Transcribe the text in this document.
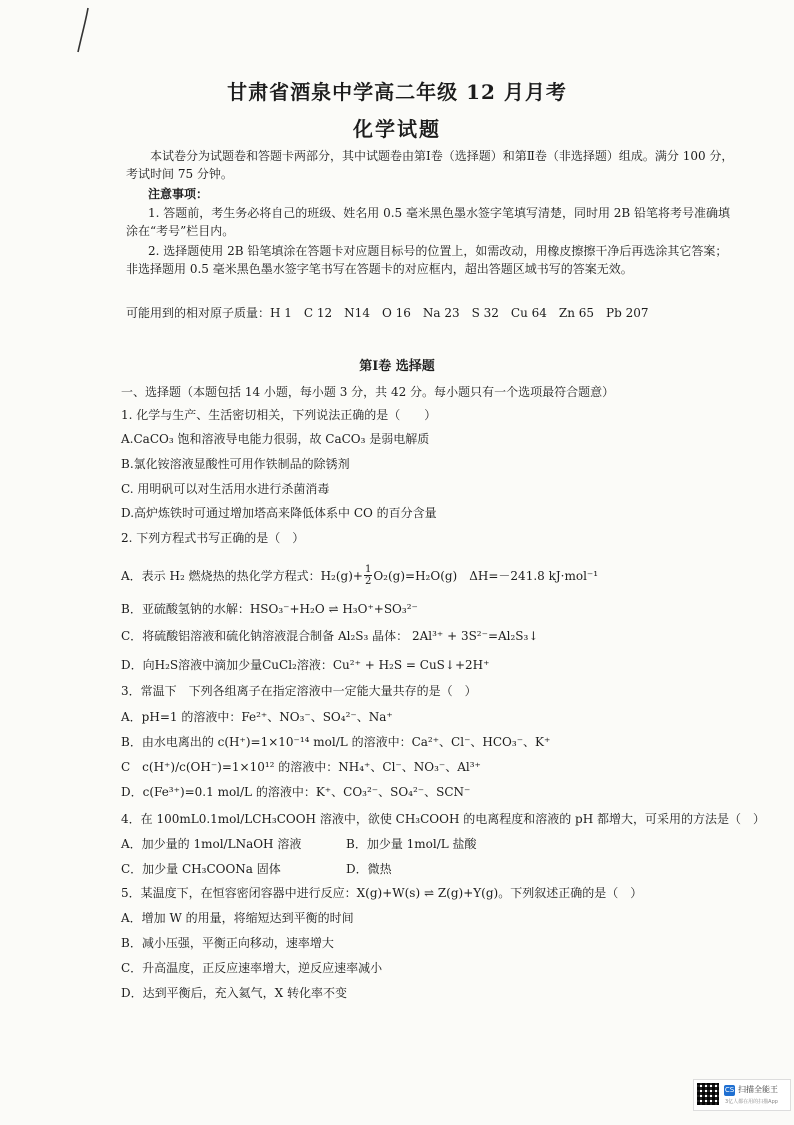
甘肃省酒泉中学高二年级 12 月月考
化学试题
本试卷分为试题卷和答题卡两部分，其中试题卷由第Ⅰ卷（选择题）和第Ⅱ卷（非选择题）组成。满分 100 分，考试时间 75 分钟。
注意事项：
1. 答题前，考生务必将自己的班级、姓名用 0.5 毫米黑色墨水签字笔填写清楚，同时用 2B 铅笔将考号准确填涂在“考号”栏目内。
2. 选择题使用 2B 铅笔填涂在答题卡对应题目标号的位置上，如需改动，用橡皮擦擦干净后再选涂其它答案；非选择题用 0.5 毫米黑色墨水签字笔书写在答题卡的对应框内，超出答题区域书写的答案无效。
可能用到的相对原子质量：H 1　C 12　N14　O 16　Na 23　S 32　Cu 64　Zn 65　Pb 207
第Ⅰ卷 选择题
一、选择题（本题包括 14 小题，每小题 3 分，共 42 分。每小题只有一个选项最符合题意）
1. 化学与生产、生活密切相关，下列说法正确的是（　　）
A.CaCO₃ 饱和溶液导电能力很弱，故 CaCO₃ 是弱电解质
B.氯化铵溶液显酸性可用作铁制品的除锈剂
C. 用明矾可以对生活用水进行杀菌消毒
D.高炉炼铁时可通过增加塔高来降低体系中 CO 的百分含量
2. 下列方程式书写正确的是（　）
A．表示 H₂ 燃烧热的热化学方程式：$H_2(g)+ \frac{1}{2} O_2(g)=H_2O(g)$　ΔH=－241.8 kJ·mol⁻¹
B．亚硫酸氢钠的水解：HSO₃⁻+H₂O ⇌ H₃O⁺+SO₃²⁻
C．将硫酸铝溶液和硫化钠溶液混合制备 Al₂S₃ 晶体： 2Al³⁺ + 3S²⁻=Al₂S₃↓
D．向H₂S溶液中滴加少量CuCl₂溶液：Cu²⁺ + H₂S = CuS↓+2H⁺
3．常温下　下列各组离子在指定溶液中一定能大量共存的是（　）
A．pH=1 的溶液中：Fe²⁺、NO₃⁻、SO₄²⁻、Na⁺
B．由水电离出的 c(H⁺)=1×10⁻¹⁴ mol/L 的溶液中：Ca²⁺、Cl⁻、HCO₃⁻、K⁺
C　c(H⁺)/c(OH⁻)=1×10¹² 的溶液中：NH₄⁺、Cl⁻、NO₃⁻、Al³⁺
D．c(Fe³⁺)=0.1 mol/L 的溶液中：K⁺、CO₃²⁻、SO₄²⁻、SCN⁻
4．在 100mL0.1mol/LCH₃COOH 溶液中，欲使 CH₃COOH 的电离程度和溶液的 pH 都增大，可采用的方法是（　）
A．加少量的 1mol/LNaOH 溶液	B．加少量 1mol/L 盐酸
C．加少量 CH₃COONa 固体	D．微热
5．某温度下，在恒容密闭容器中进行反应：X(g)+W(s) ⇌ Z(g)+Y(g)。下列叙述正确的是（　）
A．增加 W 的用量，将缩短达到平衡的时间
B．减小压强，平衡正向移动，速率增大
C．升高温度，正反应速率增大，逆反应速率减小
D．达到平衡后，充入氦气，X 转化率不变
CS 扫描全能王
3亿人都在用的扫描App
